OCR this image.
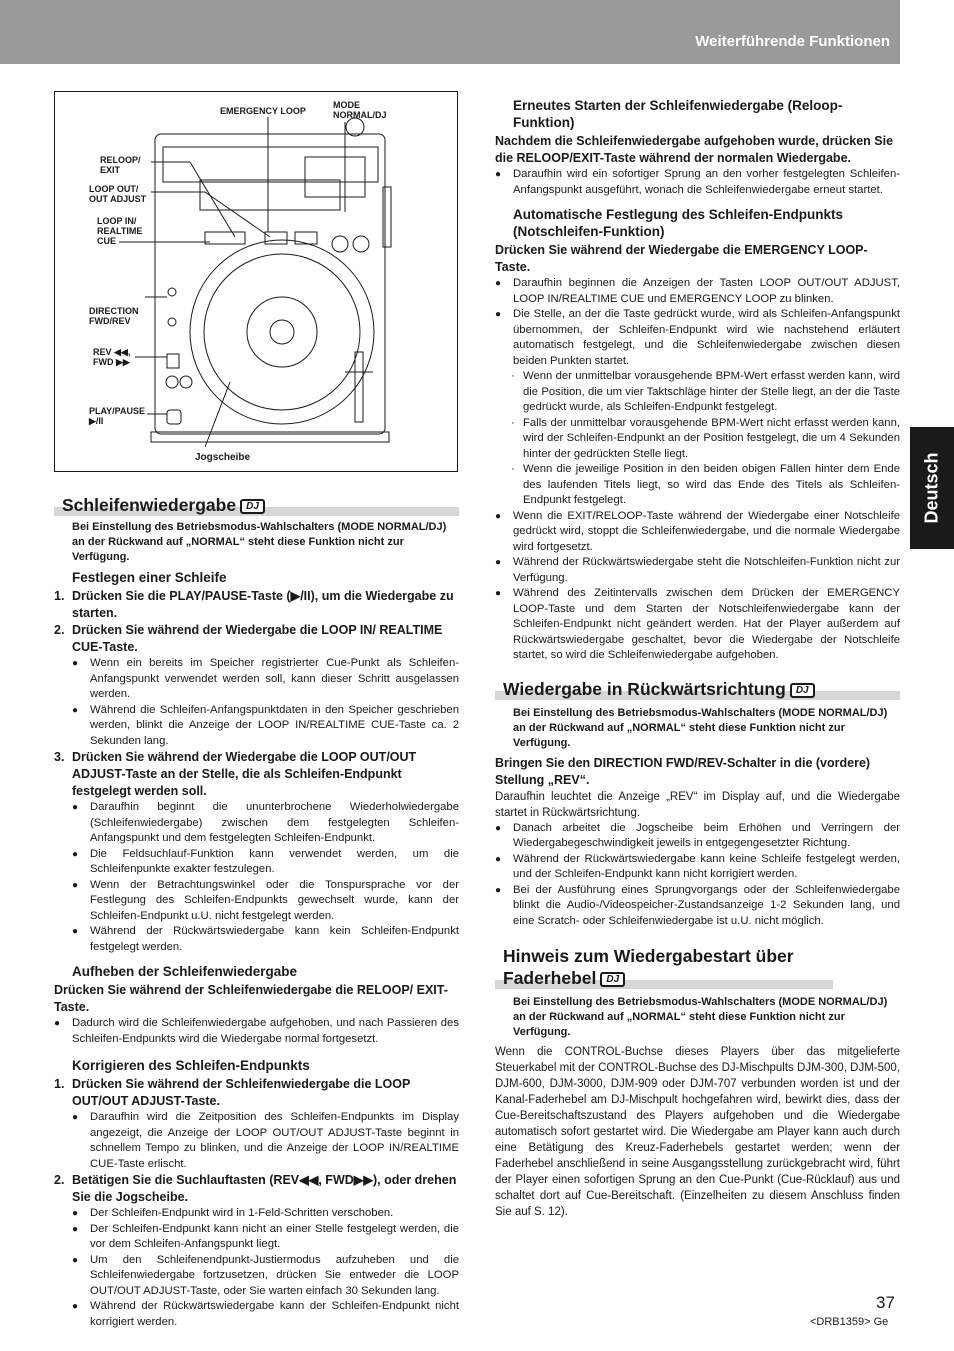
Weiterführende Funktionen
Deutsch
EMERGENCY LOOP
MODE
NORMAL/DJ
RELOOP/
EXIT
LOOP OUT/
OUT ADJUST
LOOP IN/
REALTIME
CUE
DIRECTION
FWD/REV
REV ◀◀,
FWD ▶▶
PLAY/PAUSE
▶/II
Jogscheibe
Schleifenwiedergabe DJ
Bei Einstellung des Betriebsmodus-Wahlschalters (MODE NORMAL/DJ) an der Rückwand auf „NORMAL“ steht diese Funktion nicht zur Verfügung.
Festlegen einer Schleife
1. Drücken Sie die PLAY/PAUSE-Taste (▶/II), um die Wiedergabe zu starten.
2. Drücken Sie während der Wiedergabe die LOOP IN/ REALTIME CUE-Taste.
● Wenn ein bereits im Speicher registrierter Cue-Punkt als Schleifen-Anfangspunkt verwendet werden soll, kann dieser Schritt ausgelassen werden.
● Während die Schleifen-Anfangspunktdaten in den Speicher geschrieben werden, blinkt die Anzeige der LOOP IN/REALTIME CUE-Taste ca. 2 Sekunden lang.
3. Drücken Sie während der Wiedergabe die LOOP OUT/OUT ADJUST-Taste an der Stelle, die als Schleifen-Endpunkt festgelegt werden soll.
● Daraufhin beginnt die ununterbrochene Wiederholwiedergabe (Schleifenwiedergabe) zwischen dem festgelegten Schleifen-Anfangspunkt und dem festgelegten Schleifen-Endpunkt.
● Die Feldsuchlauf-Funktion kann verwendet werden, um die Schleifenpunkte exakter festzulegen.
● Wenn der Betrachtungswinkel oder die Tonspursprache vor der Festlegung des Schleifen-Endpunkts gewechselt wurde, kann der Schleifen-Endpunkt u.U. nicht festgelegt werden.
● Während der Rückwärtswiedergabe kann kein Schleifen-Endpunkt festgelegt werden.
Aufheben der Schleifenwiedergabe
Drücken Sie während der Schleifenwiedergabe die RELOOP/ EXIT-Taste.
● Dadurch wird die Schleifenwiedergabe aufgehoben, und nach Passieren des Schleifen-Endpunkts wird die Wiedergabe normal fortgesetzt.
Korrigieren des Schleifen-Endpunkts
1. Drücken Sie während der Schleifenwiedergabe die LOOP OUT/OUT ADJUST-Taste.
● Daraufhin wird die Zeitposition des Schleifen-Endpunkts im Display angezeigt, die Anzeige der LOOP OUT/OUT ADJUST-Taste beginnt in schnellem Tempo zu blinken, und die Anzeige der LOOP IN/REALTIME CUE-Taste erlischt.
2. Betätigen Sie die Suchlauftasten (REV◀◀, FWD▶▶), oder drehen Sie die Jogscheibe.
● Der Schleifen-Endpunkt wird in 1-Feld-Schritten verschoben.
● Der Schleifen-Endpunkt kann nicht an einer Stelle festgelegt werden, die vor dem Schleifen-Anfangspunkt liegt.
● Um den Schleifenendpunkt-Justiermodus aufzuheben und die Schleifenwiedergabe fortzusetzen, drücken Sie entweder die LOOP OUT/OUT ADJUST-Taste, oder Sie warten einfach 30 Sekunden lang.
● Während der Rückwärtswiedergabe kann der Schleifen-Endpunkt nicht korrigiert werden.
Erneutes Starten der Schleifenwiedergabe (Reloop-Funktion)
Nachdem die Schleifenwiedergabe aufgehoben wurde, drücken Sie die RELOOP/EXIT-Taste während der normalen Wiedergabe.
● Daraufhin wird ein sofortiger Sprung an den vorher festgelegten Schleifen-Anfangspunkt ausgeführt, wonach die Schleifenwiedergabe erneut startet.
Automatische Festlegung des Schleifen-Endpunkts (Notschleifen-Funktion)
Drücken Sie während der Wiedergabe die EMERGENCY LOOP-Taste.
● Daraufhin beginnen die Anzeigen der Tasten LOOP OUT/OUT ADJUST, LOOP IN/REALTIME CUE und EMERGENCY LOOP zu blinken.
● Die Stelle, an der die Taste gedrückt wurde, wird als Schleifen-Anfangspunkt übernommen, der Schleifen-Endpunkt wird wie nachstehend erläutert automatisch festgelegt, und die Schleifenwiedergabe zwischen diesen beiden Punkten startet.
· Wenn der unmittelbar vorausgehende BPM-Wert erfasst werden kann, wird die Position, die um vier Taktschläge hinter der Stelle liegt, an der die Taste gedrückt wurde, als Schleifen-Endpunkt festgelegt.
· Falls der unmittelbar vorausgehende BPM-Wert nicht erfasst werden kann, wird der Schleifen-Endpunkt an der Position festgelegt, die um 4 Sekunden hinter der gedrückten Stelle liegt.
· Wenn die jeweilige Position in den beiden obigen Fällen hinter dem Ende des laufenden Titels liegt, so wird das Ende des Titels als Schleifen-Endpunkt festgelegt.
● Wenn die EXIT/RELOOP-Taste während der Wiedergabe einer Notschleife gedrückt wird, stoppt die Schleifenwiedergabe, und die normale Wiedergabe wird fortgesetzt.
● Während der Rückwärtswiedergabe steht die Notschleifen-Funktion nicht zur Verfügung.
● Während des Zeitintervalls zwischen dem Drücken der EMERGENCY LOOP-Taste und dem Starten der Notschleifenwiedergabe kann der Schleifen-Endpunkt nicht geändert werden. Hat der Player außerdem auf Rückwärtswiedergabe geschaltet, bevor die Wiedergabe der Notschleife startet, so wird die Schleifenwiedergabe aufgehoben.
Wiedergabe in Rückwärtsrichtung DJ
Bei Einstellung des Betriebsmodus-Wahlschalters (MODE NORMAL/DJ) an der Rückwand auf „NORMAL“ steht diese Funktion nicht zur Verfügung.
Bringen Sie den DIRECTION FWD/REV-Schalter in die (vordere) Stellung „REV“.
Daraufhin leuchtet die Anzeige „REV“ im Display auf, und die Wiedergabe startet in Rückwärtsrichtung.
● Danach arbeitet die Jogscheibe beim Erhöhen und Verringern der Wiedergabegeschwindigkeit jeweils in entgegengesetzter Richtung.
● Während der Rückwärtswiedergabe kann keine Schleife festgelegt werden, und der Schleifen-Endpunkt kann nicht korrigiert werden.
● Bei der Ausführung eines Sprungvorgangs oder der Schleifenwiedergabe blinkt die Audio-/Videospeicher-Zustandsanzeige 1-2 Sekunden lang, und eine Scratch- oder Schleifenwiedergabe ist u.U. nicht möglich.
Hinweis zum Wiedergabestart über Faderhebel DJ
Bei Einstellung des Betriebsmodus-Wahlschalters (MODE NORMAL/DJ) an der Rückwand auf „NORMAL“ steht diese Funktion nicht zur Verfügung.
Wenn die CONTROL-Buchse dieses Players über das mitgelieferte Steuerkabel mit der CONTROL-Buchse des DJ-Mischpults DJM-300, DJM-500, DJM-600, DJM-3000, DJM-909 oder DJM-707 verbunden worden ist und der Kanal-Faderhebel am DJ-Mischpult hochgefahren wird, bewirkt dies, dass der Cue-Bereitschaftszustand des Players aufgehoben und die Wiedergabe automatisch sofort gestartet wird. Die Wiedergabe am Player kann auch durch eine Betätigung des Kreuz-Faderhebels gestartet werden; wenn der Faderhebel anschließend in seine Ausgangsstellung zurückgebracht wird, führt der Player einen sofortigen Sprung an den Cue-Punkt (Cue-Rücklauf) aus und schaltet dort auf Cue-Bereitschaft. (Einzelheiten zu diesem Anschluss finden Sie auf S. 12).
37
<DRB1359> Ge
